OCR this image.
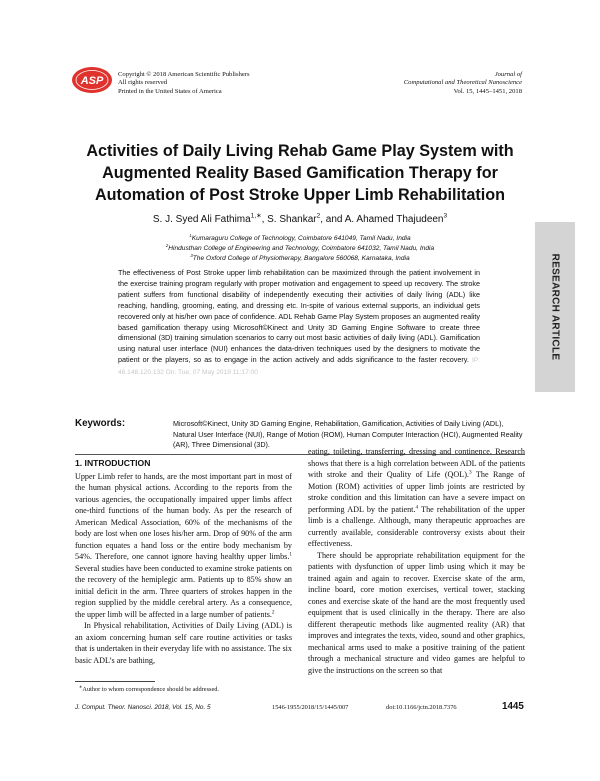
ASP
Copyright © 2018 American Scientific Publishers
All rights reserved
Printed in the United States of America
Journal of
Computational and Theoretical Nanoscience
Vol. 15, 1445–1451, 2018
Activities of Daily Living Rehab Game Play System with
Augmented Reality Based Gamification Therapy for
Automation of Post Stroke Upper Limb Rehabilitation
S. J. Syed Ali Fathima$^{1,∗}$, S. Shankar$^2$, and A. Ahamed Thajudeen$^3$
$^1$Kumaraguru College of Technology, Coimbatore 641049, Tamil Nadu, India
$^2$Hindusthan College of Engineering and Technology, Coimbatore 641032, Tamil Nadu, India
$^3$The Oxford College of Physiotherapy, Bangalore 560068, Karnataka, India	RESEARCH ARTICLE
The effectiveness of Post Stroke upper limb rehabilitation can be maximized through the patient involvement in the exercise training program regularly with proper motivation and engagement to speed up recovery. The stroke patient suffers from functional disability of independently executing their activities of daily living (ADL) like reaching, handling, grooming, eating, and dressing etc. In-spite of various external supports, an individual gets recovered only at his/her own pace of confidence. ADL Rehab Game Play System proposes an augmented reality based gamification therapy using Microsoft©Kinect and Unity 3D Gaming Engine Software to create three dimensional (3D) training simulation scenarios to carry out most basic activities of daily living (ADL). Gamification using natural user interface (NUI) enhances the data-driven techniques used by the designers to motivate the patient or the players, so as to engage in the action actively and adds significance to the faster recovery. IP: 46.148.120.132 On: Tue, 07 May 2019 11:17:00
Keywords:	Microsoft©Kinect, Unity 3D Gaming Engine, Rehabilitation, Gamification, Activities of Daily Living (ADL), Natural User Interface (NUI), Range of Motion (ROM), Human Computer Interaction (HCI), Augmented Reality (AR), Three Dimensional (3D).
1. INTRODUCTION

Upper Limb refer to hands, are the most important part in most of the human physical actions. According to the reports from the various agencies, the occupationally impaired upper limbs affect one-third functions of the human body. As per the research of American Medical Association, 60% of the mechanisms of the body are lost when one loses his/her arm. Drop of 90% of the arm function equates a hand loss or the entire body mechanism by 54%. Therefore, one cannot ignore having healthy upper limbs.$^1$ Several studies have been conducted to examine stroke patients on the recovery of the hemiplegic arm. Patients up to 85% show an initial deficit in the arm. Three quarters of strokes happen in the region supplied by the middle cerebral artery. As a consequence, the upper limb will be affected in a large number of patients.$^2$

In Physical rehabilitation, Activities of Daily Living (ADL) is an axiom concerning human self care routine activities or tasks that is undertaken in their everyday life with no assistance. The six basic ADL’s are bathing,

eating, toileting, transferring, dressing and continence. Research shows that there is a high correlation between ADL of the patients with stroke and their Quality of Life (QOL).$^3$ The Range of Motion (ROM) activities of upper limb joints are restricted by stroke condition and this limitation can have a severe impact on performing ADL by the patient.$^4$ The rehabilitation of the upper limb is a challenge. Although, many therapeutic approaches are currently available, considerable controversy exists about their effectiveness.

There should be appropriate rehabilitation equipment for the patients with dysfunction of upper limb using which it may be trained again and again to recover. Exercise skate of the arm, incline board, core motion exercises, vertical tower, stacking cones and exercise skate of the hand are the most frequently used equipment that is used clinically in the therapy. There are also different therapeutic methods like augmented reality (AR) that improves and integrates the texts, video, sound and other graphics, mechanical arms used to make a positive training of the patient through a mechanical structure and video games are helpful to give the instructions on the screen so that

∗Author to whom correspondence should be addressed.
J. Comput. Theor. Nanosci. 2018, Vol. 15, No. 5	1546-1955/2018/15/1445/007	doi:10.1166/jctn.2018.7376	1445
